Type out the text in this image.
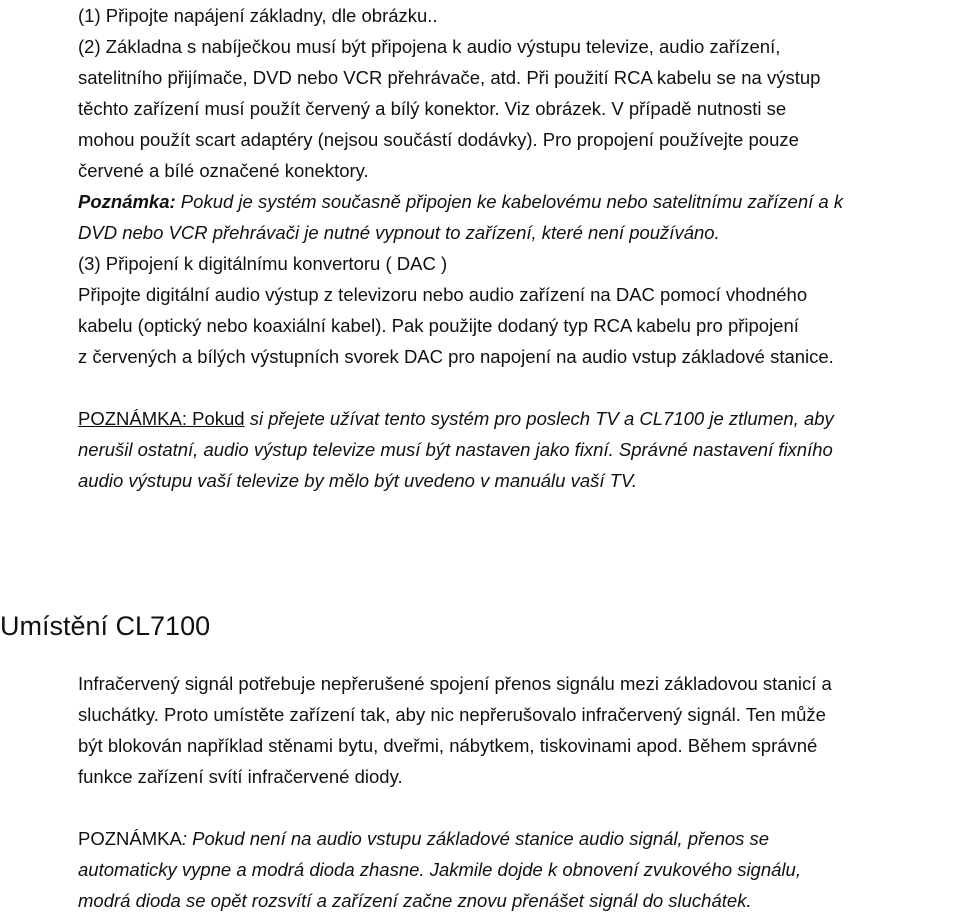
(1) Připojte napájení základny, dle obrázku..
(2) Základna s nabíječkou musí být připojena k audio výstupu televize, audio zařízení,
satelitního přijímače, DVD nebo VCR přehrávače, atd. Při použití RCA kabelu se na výstup
těchto zařízení musí použít červený a bílý konektor. Viz obrázek. V případě nutnosti se
mohou použít scart adaptéry (nejsou součástí dodávky). Pro propojení používejte pouze
červené a bílé označené konektory.
Poznámka: Pokud je systém současně připojen ke kabelovému nebo satelitnímu zařízení a k
DVD nebo VCR přehrávači je nutné vypnout to zařízení, které není používáno.
(3) Připojení k digitálnímu konvertoru ( DAC )
Připojte digitální audio výstup z televizoru nebo audio zařízení na DAC pomocí vhodného
kabelu (optický nebo koaxiální kabel). Pak použijte dodaný typ RCA kabelu pro připojení
z červených a bílých výstupních svorek DAC pro napojení na audio vstup základové stanice.
POZNÁMKA: Pokud si přejete užívat tento systém pro poslech TV a CL7100 je ztlumen, aby
nerušil ostatní, audio výstup televize musí být nastaven jako fixní. Správné nastavení fixního
audio výstupu vaší televize by mělo být uvedeno v manuálu vaší TV.
Umístění CL7100
Infračervený signál potřebuje nepřerušené spojení přenos signálu mezi základovou stanicí a
sluchátky. Proto umístěte zařízení tak, aby nic nepřerušovalo infračervený signál. Ten může
být blokován například stěnami bytu, dveřmi, nábytkem, tiskovinami apod. Během správné
funkce zařízení svítí infračervené diody.
POZNÁMKA: Pokud není na audio vstupu základové stanice audio signál, přenos se
automaticky vypne a modrá dioda zhasne. Jakmile dojde k obnovení zvukového signálu,
modrá dioda se opět rozsvítí a zařízení začne znovu přenášet signál do sluchátek.
